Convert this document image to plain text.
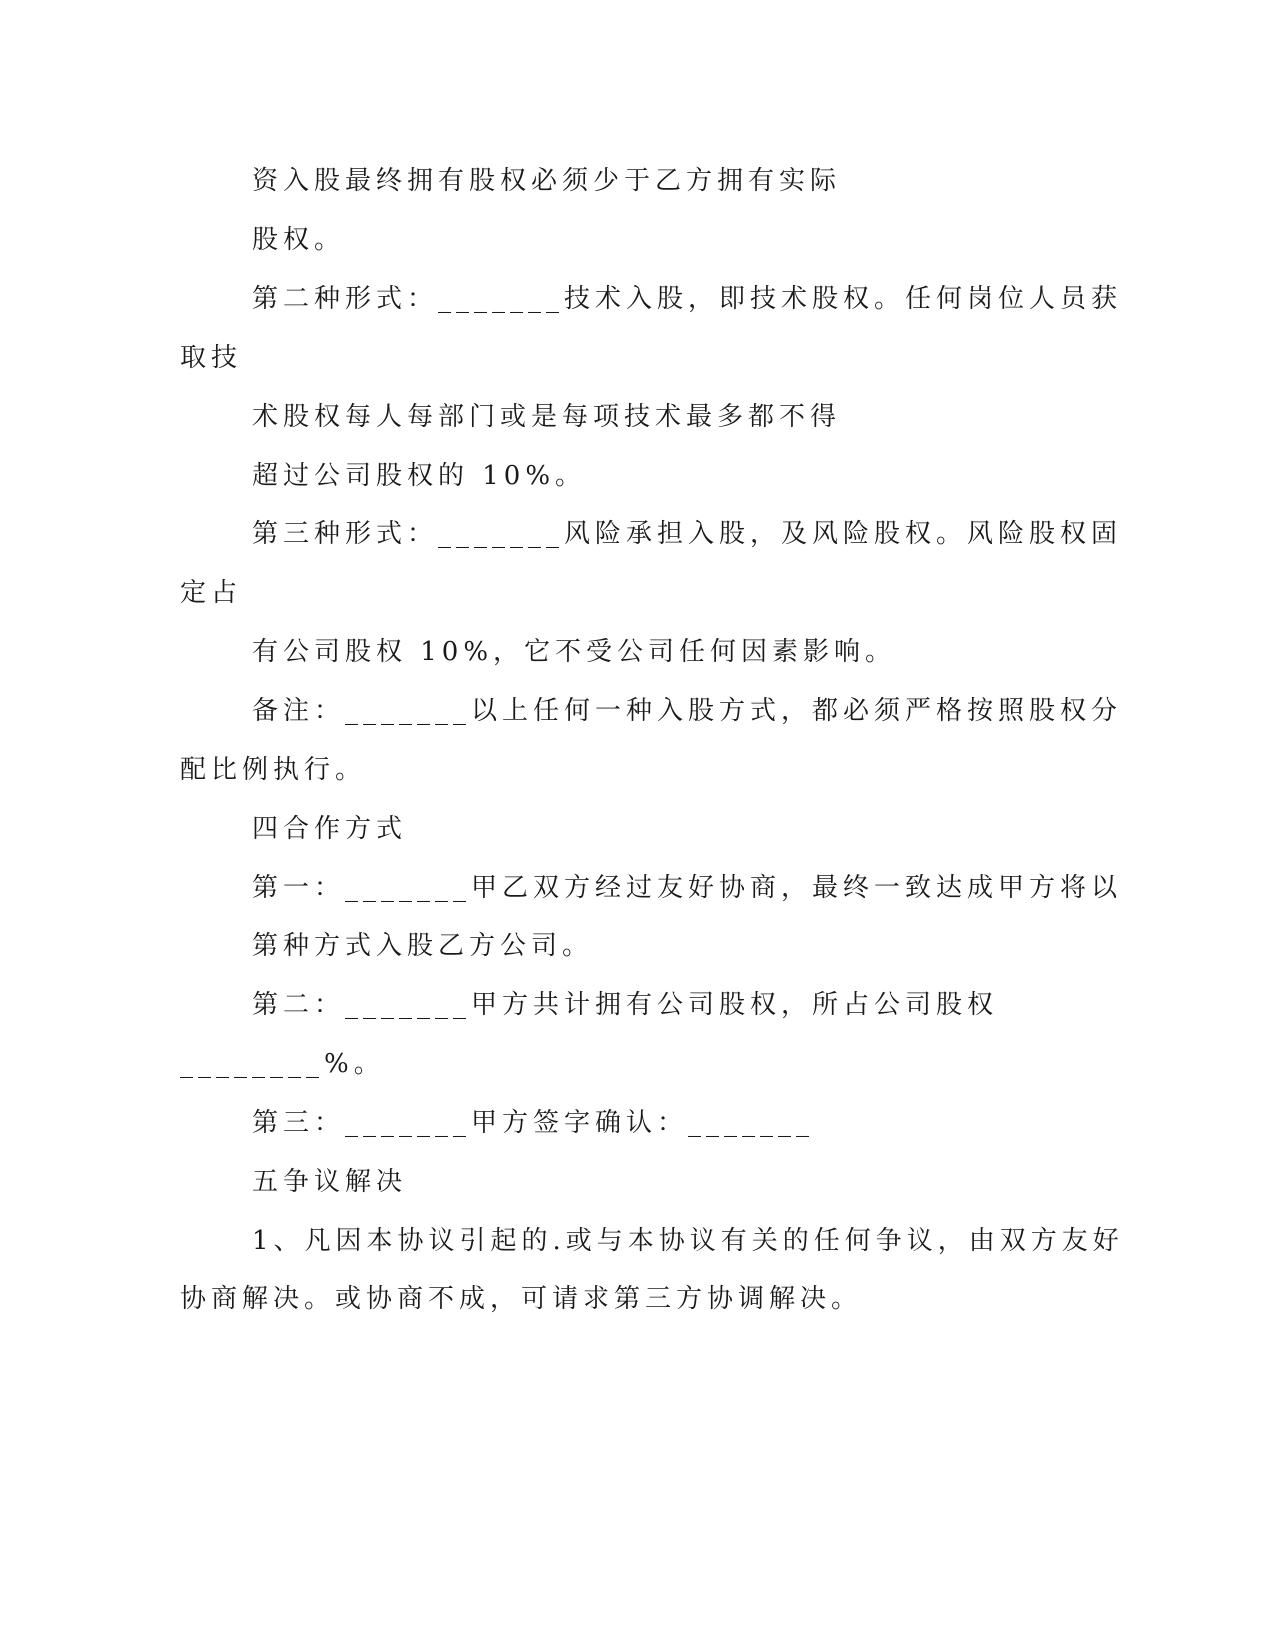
资入股最终拥有股权必须少于乙方拥有实际
股权。
第二种形式：_______技术入股，即技术股权。任何岗位人员获
取技
术股权每人每部门或是每项技术最多都不得
超过公司股权的 10%。
第三种形式：_______风险承担入股，及风险股权。风险股权固
定占
有公司股权 10%，它不受公司任何因素影响。
备注：_______以上任何一种入股方式，都必须严格按照股权分
配比例执行。
四合作方式
第一：_______甲乙双方经过友好协商，最终一致达成甲方将以
第种方式入股乙方公司。
第二：_______甲方共计拥有公司股权，所占公司股权
________%。
第三：_______甲方签字确认：_______
五争议解决
1、凡因本协议引起的.或与本协议有关的任何争议，由双方友好
协商解决。或协商不成，可请求第三方协调解决。
